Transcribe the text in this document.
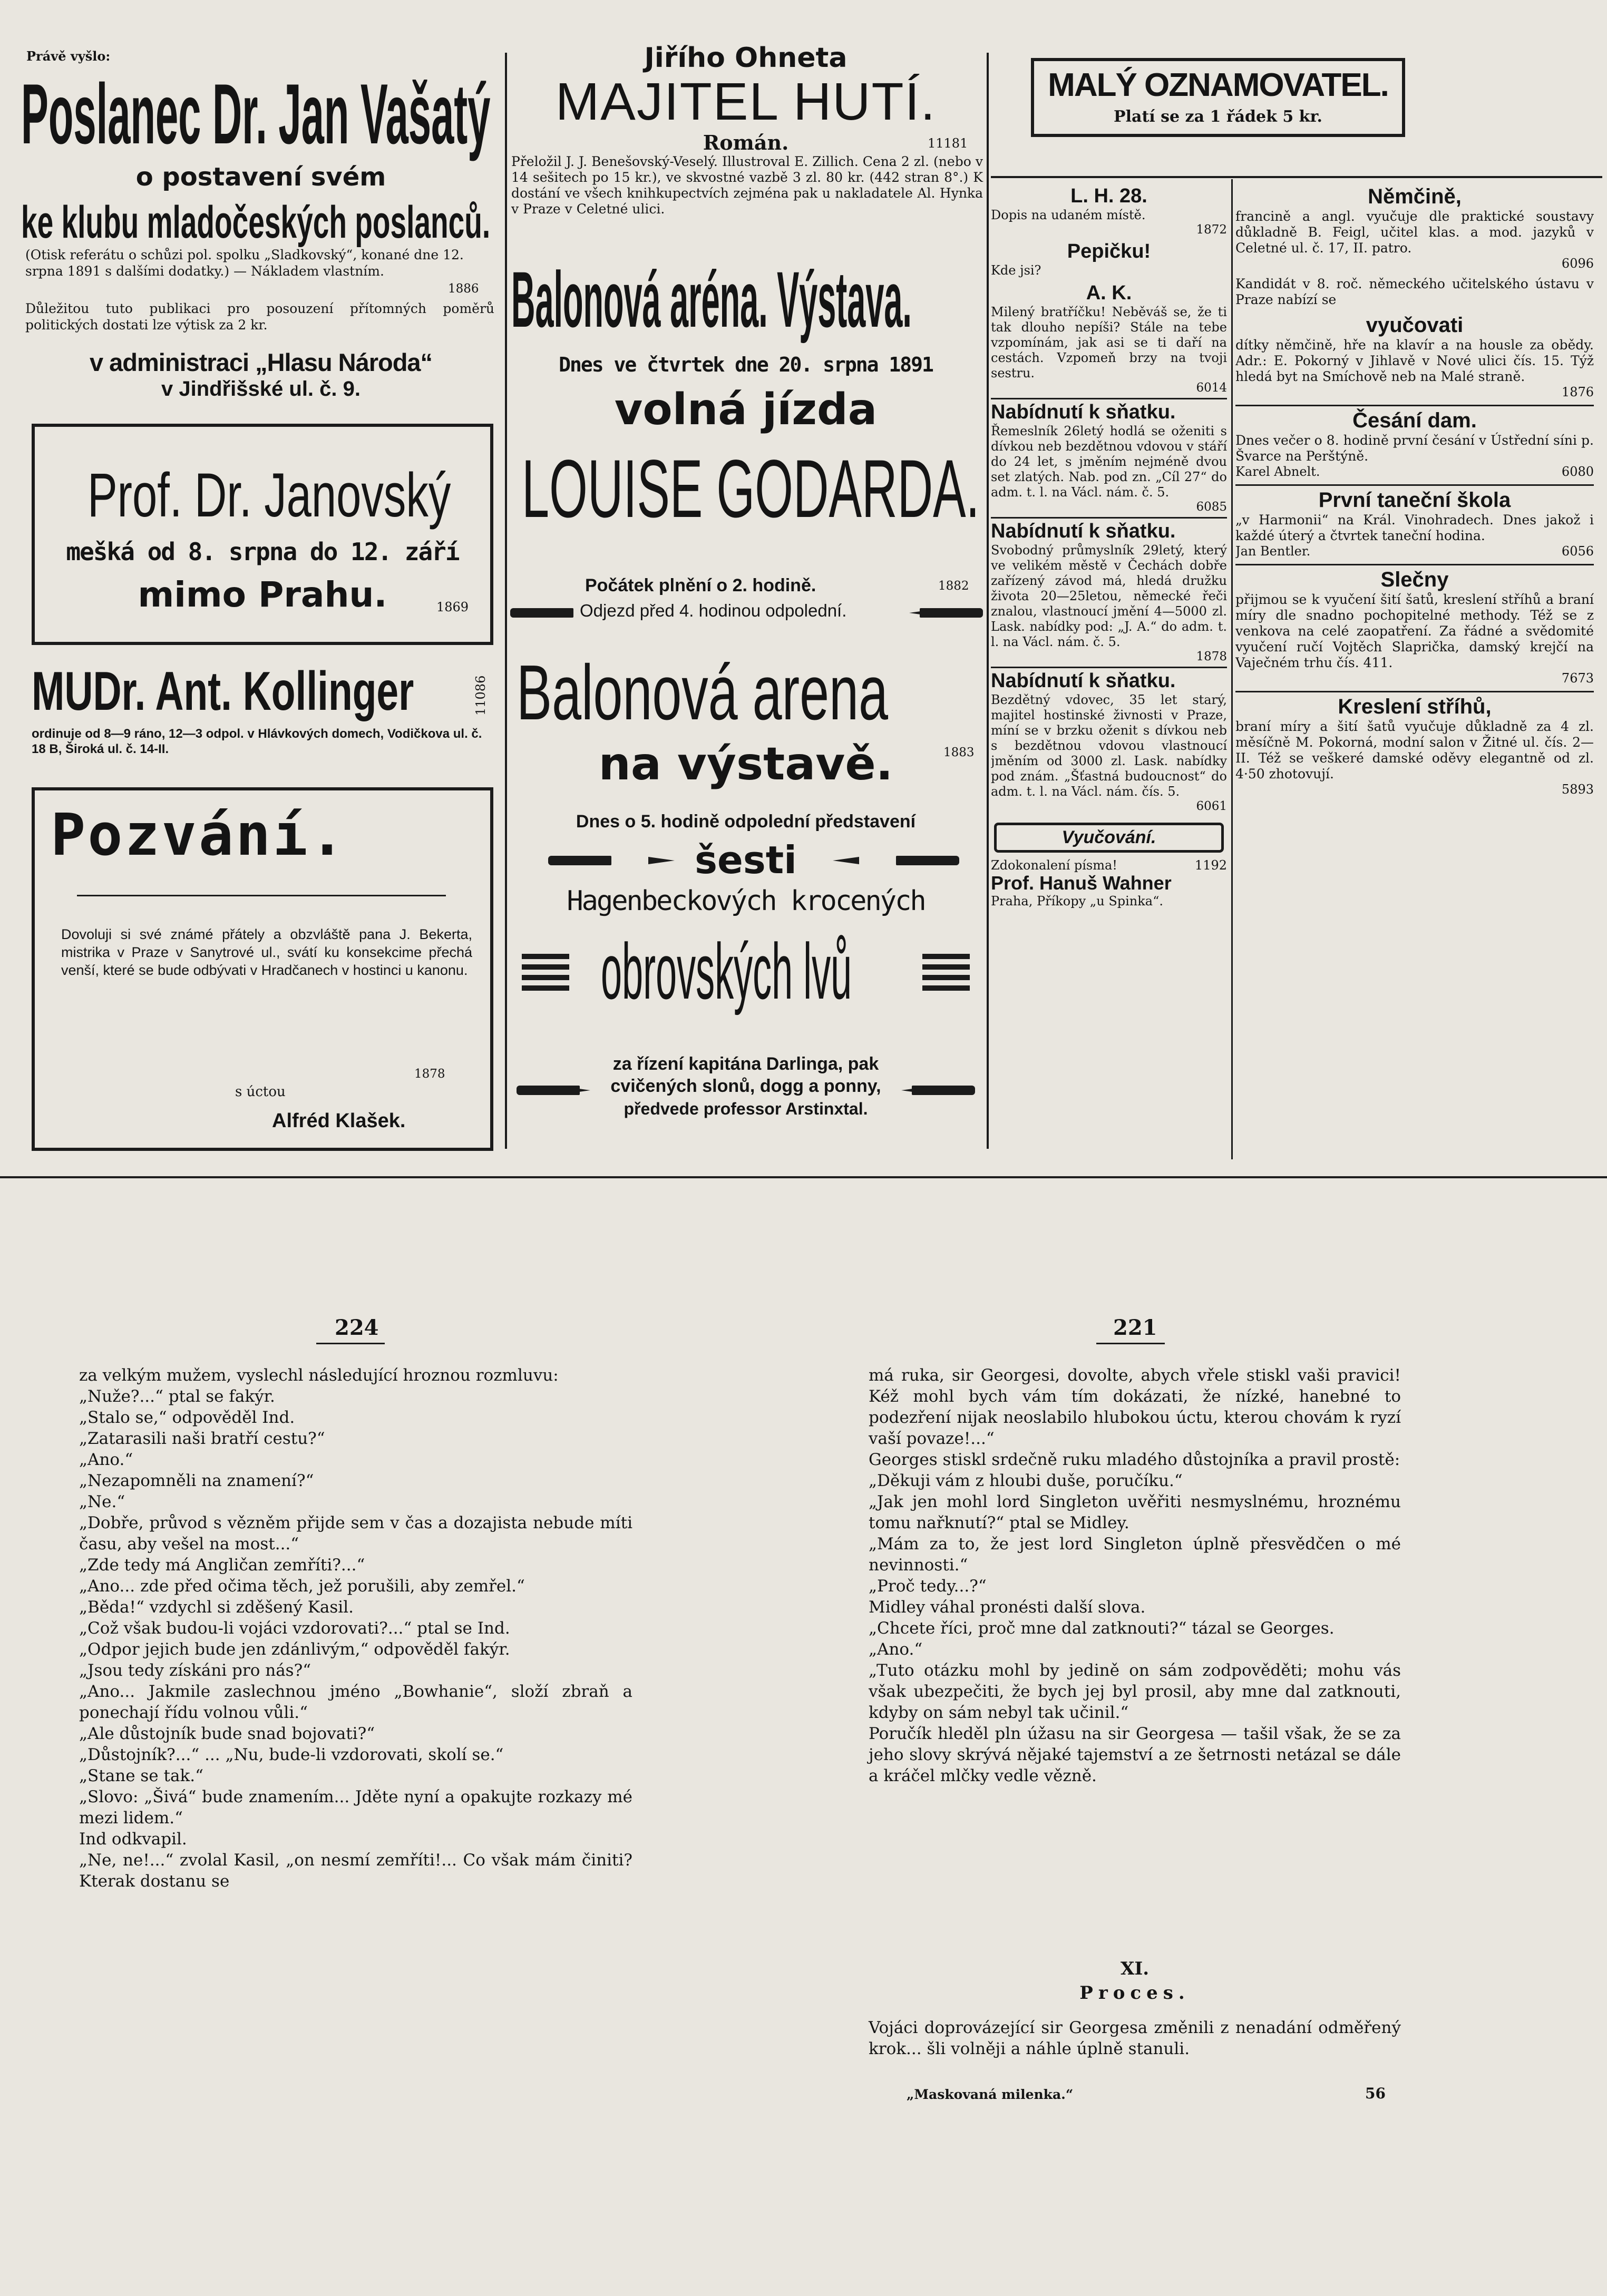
Právě vyšlo:
Poslanec Dr. Jan Vašatý
o postavení svém
ke klubu mladočeských poslanců.
(Otisk referátu o schůzi pol. spolku „Sladkovský“, konané dne 12. srpna 1891 s dalšími dodatky.) — Nákladem vlastním.
1886
Důležitou tuto publikaci pro posouzení přítomných poměrů politických dostati lze výtisk za 2 kr.
v administraci „Hlasu Národa“
v Jindřišské ul. č. 9.
Prof. Dr. Janovský
mešká od 8. srpna do 12. září
mimo Prahu.	1869
MUDr. Ant. Kollinger	11086
ordinuje od 8—9 ráno, 12—3 odpol. v Hlávkových domech, Vodičkova ul. č. 18 B, Široká ul. č. 14-II.
Pozvání.
Dovoluji si své známé přátely a obzvláště pana J. Bekerta, mistrika v Praze v Sanytrové ul., svátí ku konsekcime přechá venší, které se bude odbývati v Hradčanech v hostinci u kanonu.
1878
s úctou
Alfréd Klašek.
Jiřího Ohneta
MAJITEL HUTÍ.
Román.	11181
Přeložil J. J. Benešovský-Veselý. Illustroval E. Zillich. Cena 2 zl. (nebo v 14 sešitech po 15 kr.), ve skvostné vazbě 3 zl. 80 kr. (442 stran 8°.) K dostání ve všech knihkupectvích zejména pak u nakladatele Al. Hynka v Praze v Celetné ulici.
Balonová aréna. Výstava.
Dnes ve čtvrtek dne 20. srpna 1891
volná jízda
LOUISE GODARDA.
Počátek plnění o 2. hodině.	1882
Odjezd před 4. hodinou odpolední.
Balonová arena
na výstavě.	1883
Dnes o 5. hodině odpolední představení
šesti
Hagenbeckových krocených
obrovských lvů
za řízení kapitána Darlinga, pak
cvičených slonů, dogg a ponny,
předvede professor Arstinxtal.
MALÝ OZNAMOVATEL.
Platí se za 1 řádek 5 kr.
L. H. 28.
Dopis na udaném místě.
1872
Pepičku!
Kde jsi?
A. K.
Milený bratříčku! Neběváš se, že ti tak dlouho nepíši? Stále na tebe vzpomínám, jak asi se ti daří na cestách. Vzpomeň brzy na tvoji sestru.
6014
Nabídnutí k sňatku.
Řemeslník 26letý hodlá se oženiti s dívkou neb bezdětnou vdovou v stáří do 24 let, s jměním nejméně dvou set zlatých. Nab. pod zn. „Cíl 27“ do adm. t. l. na Václ. nám. č. 5.
6085
Nabídnutí k sňatku.
Svobodný průmyslník 29letý, který ve velikém městě v Čechách dobře zařízený závod má, hledá družku života 20—25letou, německé řeči znalou, vlastnoucí jmění 4—5000 zl. Lask. nabídky pod: „J. A.“ do adm. t. l. na Václ. nám. č. 5.
1878
Nabídnutí k sňatku.
Bezdětný vdovec, 35 let starý, majitel hostinské živnosti v Praze, míní se v brzku oženit s dívkou neb s bezdětnou vdovou vlastnoucí jměním od 3000 zl. Lask. nabídky pod znám. „Šťastná budoucnost“ do adm. t. l. na Václ. nám. čís. 5.
6061
Vyučování.
Zdokonalení písma!	1192
Prof. Hanuš Wahner
Praha, Příkopy „u Spinka“.
Němčině,
francině a angl. vyučuje dle praktické soustavy důkladně B. Feigl, učitel klas. a mod. jazyků v Celetné ul. č. 17, II. patro.
6096
Kandidát v 8. roč. německého učitelského ústavu v Praze nabízí se
vyučovati
dítky němčině, hře na klavír a na housle za obědy. Adr.: E. Pokorný v Jihlavě v Nové ulici čís. 15. Týž hledá byt na Smíchově neb na Malé straně.
1876
Česání dam.
Dnes večer o 8. hodině první česání v Ústřední síni p. Švarce na Perštýně.
Karel Abnelt.	6080
První taneční škola
„v Harmonii“ na Král. Vinohradech. Dnes jakož i každé úterý a čtvrtek taneční hodina.
Jan Bentler.	6056
Slečny
přijmou se k vyučení šití šatů, kreslení stříhů a braní míry dle snadno pochopitelné methody. Též se z venkova na celé zaopatření. Za řádné a svědomité vyučení ručí Vojtěch Slaprička, damský krejčí na Vaječném trhu čís. 411.
7673
Kreslení stříhů,
braní míry a šití šatů vyučuje důkladně za 4 zl. měsíčně M. Pokorná, modní salon v Žitné ul. čís. 2—II. Též se veškeré damské oděvy elegantně od zl. 4·50 zhotovují.
5893
224
za velkým mužem, vyslechl následující hroznou rozmluvu:
„Nuže?...“ ptal se fakýr.
„Stalo se,“ odpověděl Ind.
„Zatarasili naši bratří cestu?“
„Ano.“
„Nezapomněli na znamení?“
„Ne.“
„Dobře, průvod s vězněm přijde sem v čas a dozajista nebude míti času, aby vešel na most...“
„Zde tedy má Angličan zemříti?...“
„Ano... zde před očima těch, jež porušili, aby zemřel.“
„Běda!“ vzdychl si zděšený Kasil.
„Což však budou-li vojáci vzdorovati?...“ ptal se Ind.
„Odpor jejich bude jen zdánlivým,“ odpověděl fakýr.
„Jsou tedy získáni pro nás?“
„Ano... Jakmile zaslechnou jméno „Bowhanie“, složí zbraň a ponechají řídu volnou vůli.“
„Ale důstojník bude snad bojovati?“
„Důstojník?...“ ... „Nu, bude-li vzdorovati, skolí se.“
„Stane se tak.“
„Slovo: „Šivá“ bude znamením... Jděte nyní a opakujte rozkazy mé mezi lidem.“
Ind odkvapil.
„Ne, ne!...“ zvolal Kasil, „on nesmí zemříti!... Co však mám činiti? Kterak dostanu se
221
má ruka, sir Georgesi, dovolte, abych vřele stiskl vaši pravici! Kéž mohl bych vám tím dokázati, že nízké, hanebné to podezření nijak neoslabilo hlubokou úctu, kterou chovám k ryzí vaší povaze!...“
Georges stiskl srdečně ruku mladého důstojníka a pravil prostě:
„Děkuji vám z hloubi duše, poručíku.“
„Jak jen mohl lord Singleton uvěřiti nesmyslnému, hroznému tomu nařknutí?“ ptal se Midley.
„Mám za to, že jest lord Singleton úplně přesvědčen o mé nevinnosti.“
„Proč tedy...?“
Midley váhal pronésti další slova.
„Chcete říci, proč mne dal zatknouti?“ tázal se Georges.
„Ano.“
„Tuto otázku mohl by jedině on sám zodpověděti; mohu vás však ubezpečiti, že bych jej byl prosil, aby mne dal zatknouti, kdyby on sám nebyl tak učinil.“
Poručík hleděl pln úžasu na sir Georgesa — tašil však, že se za jeho slovy skrývá nějaké tajemství a ze šetrnosti netázal se dále a kráčel mlčky vedle vězně.
XI.
Proces.
Vojáci doprovázející sir Georgesa změnili z nenadání odměřený krok... šli volněji a náhle úplně stanuli.
„Maskovaná milenka.“	56
